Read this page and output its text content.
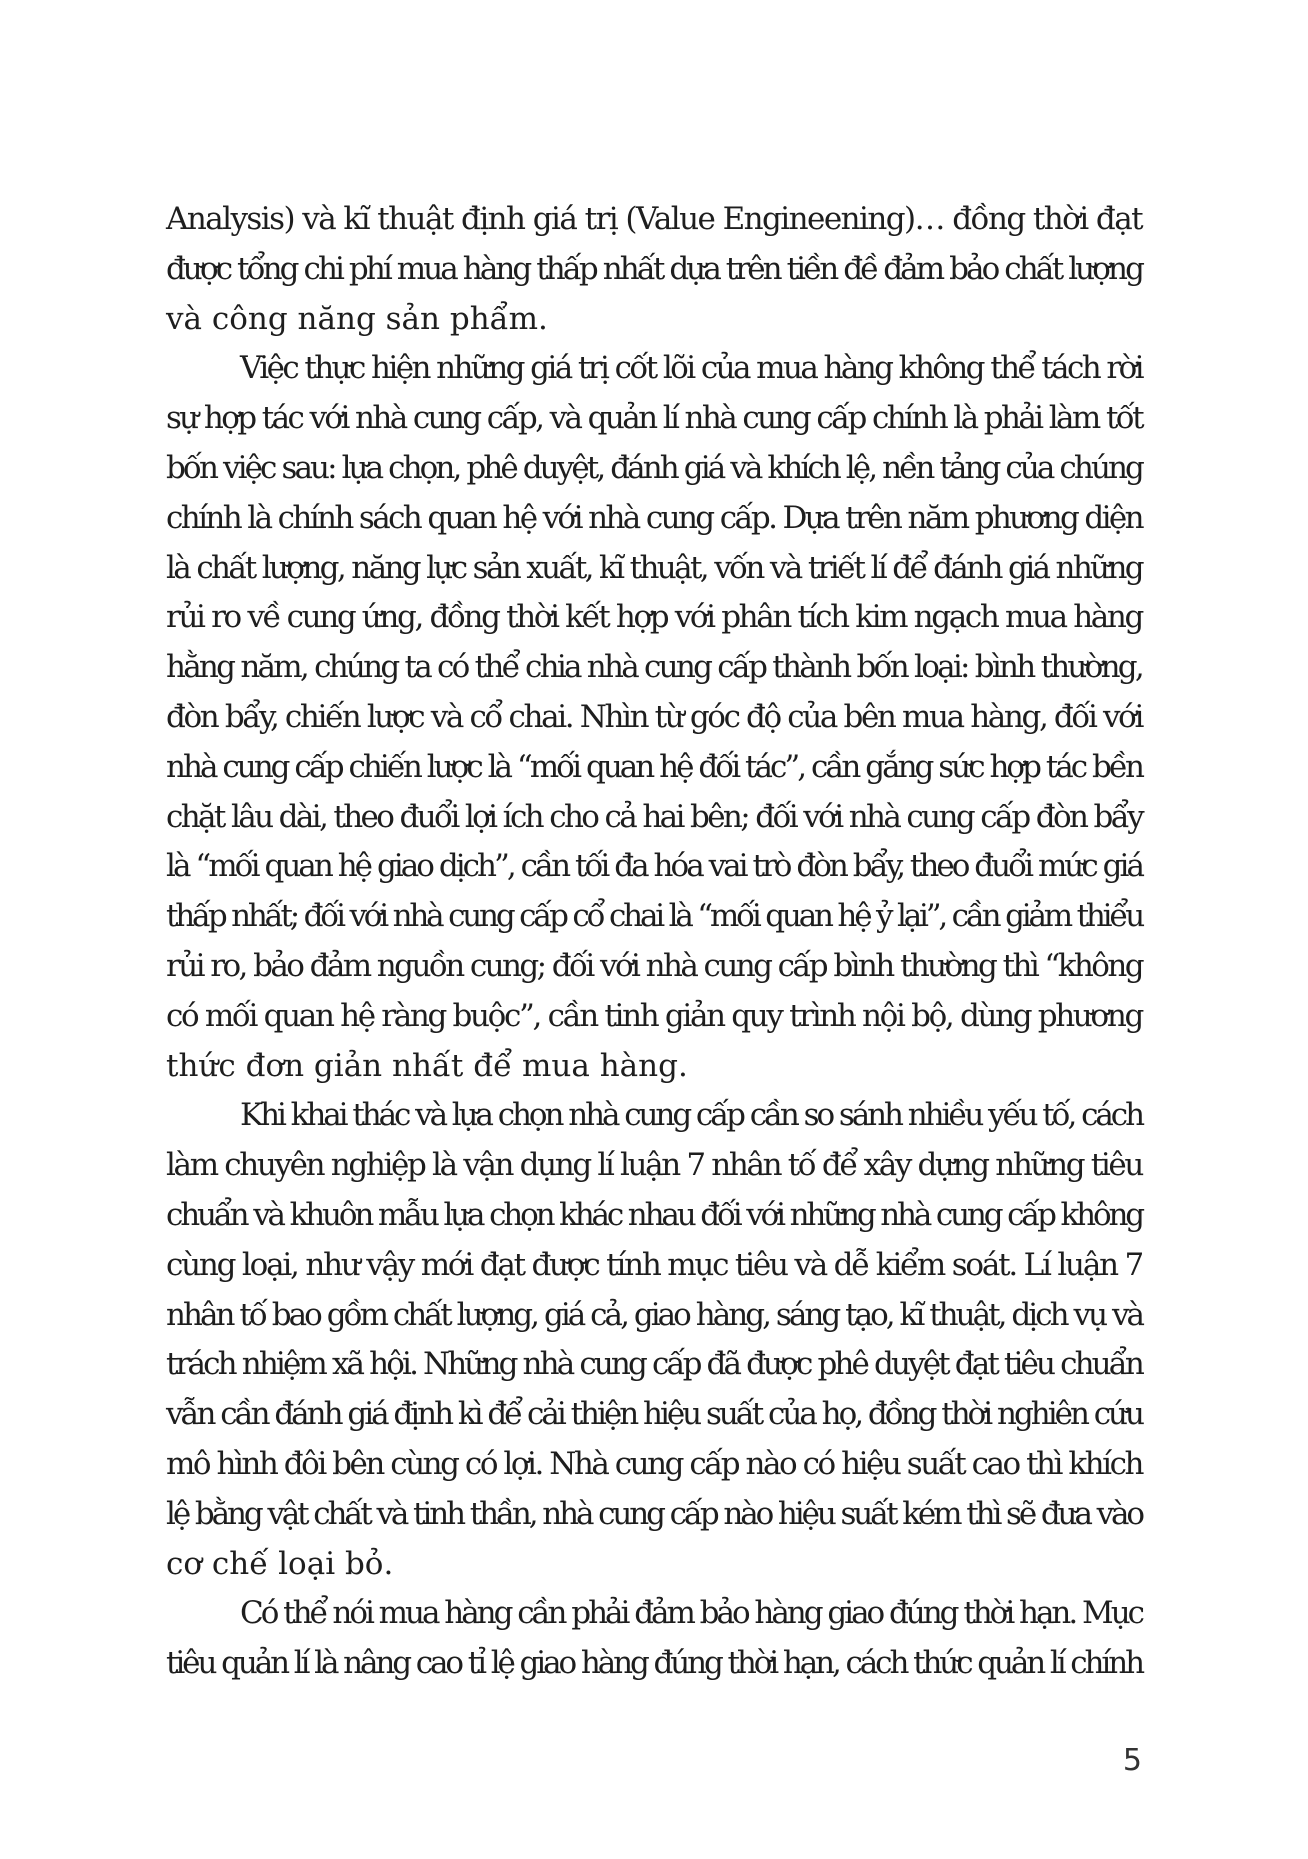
Analysis) và kĩ thuật định giá trị (Value Engineening)… đồng thời đạt
được tổng chi phí mua hàng thấp nhất dựa trên tiền đề đảm bảo chất lượng
và công năng sản phẩm.

Việc thực hiện những giá trị cốt lõi của mua hàng không thể tách rời
sự hợp tác với nhà cung cấp, và quản lí nhà cung cấp chính là phải làm tốt
bốn việc sau: lựa chọn, phê duyệt, đánh giá và khích lệ, nền tảng của chúng
chính là chính sách quan hệ với nhà cung cấp. Dựa trên năm phương diện
là chất lượng, năng lực sản xuất, kĩ thuật, vốn và triết lí để đánh giá những
rủi ro về cung ứng, đồng thời kết hợp với phân tích kim ngạch mua hàng
hằng năm, chúng ta có thể chia nhà cung cấp thành bốn loại: bình thường,
đòn bẩy, chiến lược và cổ chai. Nhìn từ góc độ của bên mua hàng, đối với
nhà cung cấp chiến lược là “mối quan hệ đối tác”, cần gắng sức hợp tác bền
chặt lâu dài, theo đuổi lợi ích cho cả hai bên; đối với nhà cung cấp đòn bẩy
là “mối quan hệ giao dịch”, cần tối đa hóa vai trò đòn bẩy, theo đuổi mức giá
thấp nhất; đối với nhà cung cấp cổ chai là “mối quan hệ ỷ lại”, cần giảm thiểu
rủi ro, bảo đảm nguồn cung; đối với nhà cung cấp bình thường thì “không
có mối quan hệ ràng buộc”, cần tinh giản quy trình nội bộ, dùng phương
thức đơn giản nhất để mua hàng.

Khi khai thác và lựa chọn nhà cung cấp cần so sánh nhiều yếu tố, cách
làm chuyên nghiệp là vận dụng lí luận 7 nhân tố để xây dựng những tiêu
chuẩn và khuôn mẫu lựa chọn khác nhau đối với những nhà cung cấp không
cùng loại, như vậy mới đạt được tính mục tiêu và dễ kiểm soát. Lí luận 7
nhân tố bao gồm chất lượng, giá cả, giao hàng, sáng tạo, kĩ thuật, dịch vụ và
trách nhiệm xã hội. Những nhà cung cấp đã được phê duyệt đạt tiêu chuẩn
vẫn cần đánh giá định kì để cải thiện hiệu suất của họ, đồng thời nghiên cứu
mô hình đôi bên cùng có lợi. Nhà cung cấp nào có hiệu suất cao thì khích
lệ bằng vật chất và tinh thần, nhà cung cấp nào hiệu suất kém thì sẽ đưa vào
cơ chế loại bỏ.

Có thể nói mua hàng cần phải đảm bảo hàng giao đúng thời hạn. Mục
tiêu quản lí là nâng cao tỉ lệ giao hàng đúng thời hạn, cách thức quản lí chính

5
